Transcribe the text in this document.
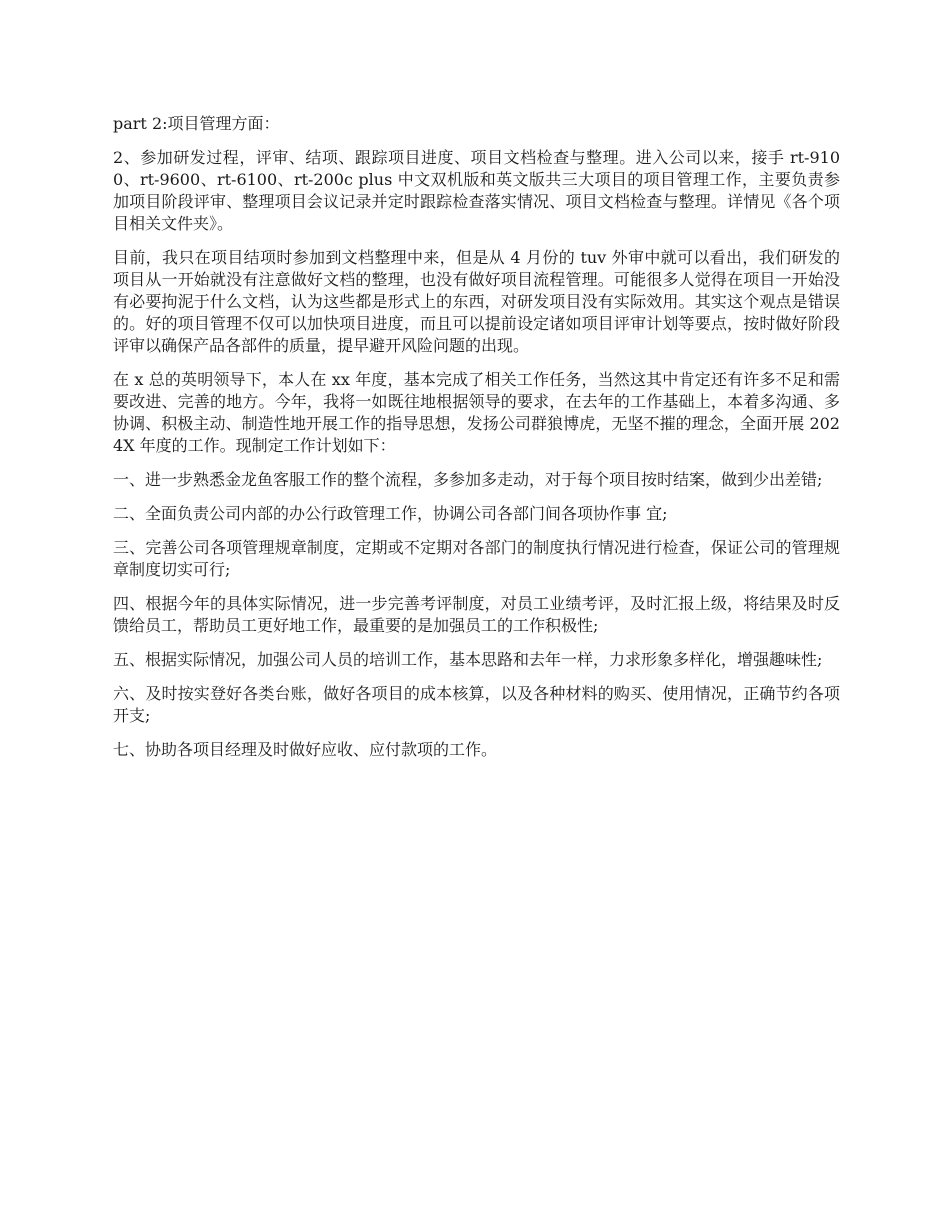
part 2:项目管理方面：

2、参加研发过程，评审、结项、跟踪项目进度、项目文档检查与整理。进入公司以来，接手 rt-9100、rt-9600、rt-6100、rt-200c plus 中文双机版和英文版共三大项目的项目管理工作，主要负责参加项目阶段评审、整理项目会议记录并定时跟踪检查落实情况、项目文档检查与整理。详情见《各个项目相关文件夹》。

目前，我只在项目结项时参加到文档整理中来，但是从 4 月份的 tuv 外审中就可以看出，我们研发的项目从一开始就没有注意做好文档的整理，也没有做好项目流程管理。可能很多人觉得在项目一开始没有必要拘泥于什么文档，认为这些都是形式上的东西，对研发项目没有实际效用。其实这个观点是错误的。好的项目管理不仅可以加快项目进度，而且可以提前设定诸如项目评审计划等要点，按时做好阶段评审以确保产品各部件的质量，提早避开风险问题的出现。

在 x 总的英明领导下，本人在 xx 年度，基本完成了相关工作任务，当然这其中肯定还有许多不足和需要改进、完善的地方。今年，我将一如既往地根据领导的要求，在去年的工作基础上，本着多沟通、多协调、积极主动、制造性地开展工作的指导思想，发扬公司群狼博虎，无坚不摧的理念，全面开展 2024X 年度的工作。现制定工作计划如下：

一、进一步熟悉金龙鱼客服工作的整个流程，多参加多走动，对于每个项目按时结案，做到少出差错;

二、全面负责公司内部的办公行政管理工作，协调公司各部门间各项协作事 宜;

三、完善公司各项管理规章制度，定期或不定期对各部门的制度执行情况进行检查，保证公司的管理规章制度切实可行;

四、根据今年的具体实际情况，进一步完善考评制度，对员工业绩考评，及时汇报上级，将结果及时反馈给员工，帮助员工更好地工作，最重要的是加强员工的工作积极性;

五、根据实际情况，加强公司人员的培训工作，基本思路和去年一样，力求形象多样化，增强趣味性;

六、及时按实登好各类台账，做好各项目的成本核算，以及各种材料的购买、使用情况，正确节约各项开支;

七、协助各项目经理及时做好应收、应付款项的工作。
